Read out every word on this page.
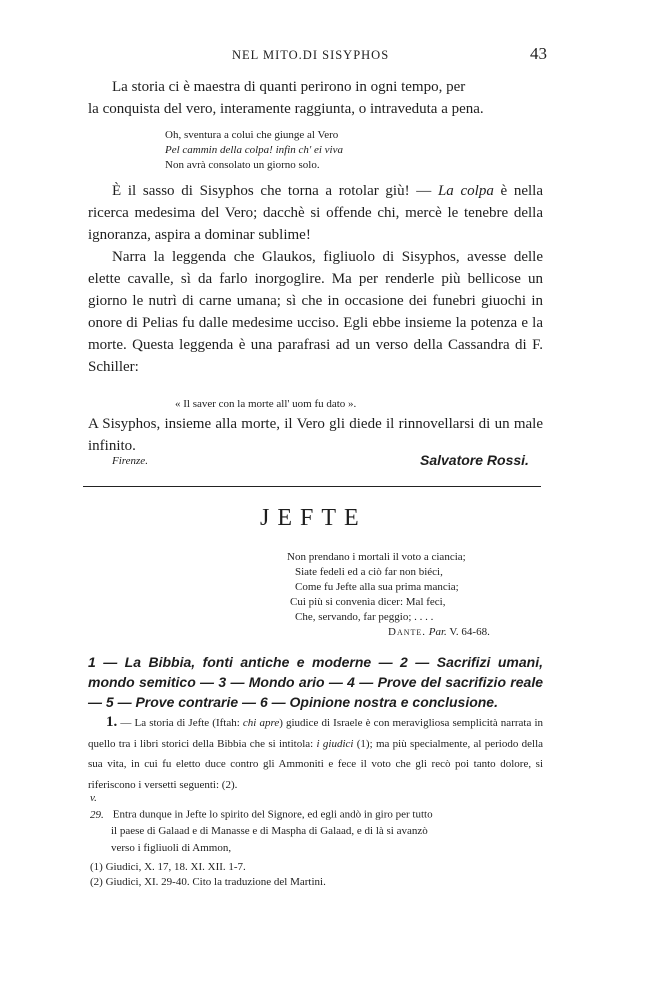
NEL MITO.DI SISYPHOS	43
La storia ci è maestra di quanti perirono in ogni tempo, per
la conquista del vero, interamente raggiunta, o intraveduta a pena.
Oh, sventura a colui che giunge al Vero
Pel cammin della colpa! infin ch' ei viva
Non avrà consolato un giorno solo.
È il sasso di Sisyphos che torna a rotolar giù! — La colpa è nella ricerca medesima del Vero; dacchè si offende chi, mercè le tenebre della ignoranza, aspira a dominar sublime!
Narra la leggenda che Glaukos, figliuolo di Sisyphos, avesse delle elette cavalle, sì da farlo inorgoglire. Ma per renderle più bellicose un giorno le nutrì di carne umana; sì che in occasione dei funebri giuochi in onore di Pelias fu dalle medesime ucciso. Egli ebbe insieme la potenza e la morte. Questa leggenda è una parafrasi ad un verso della Cassandra di F. Schiller:
« Il saver con la morte all' uom fu dato ».
A Sisyphos, insieme alla morte, il Vero gli diede il rinnovellarsi di un male infinito.
Firenze.	Salvatore Rossi.
JEFTE
Non prendano i mortali il voto a ciancia;
Siate fedeli ed a ciò far non biéci,
Come fu Jefte alla sua prima mancia;
Cui più si convenìa dicer: Mal feci,
Che, servando, far peggio; . . . .
Dante. Par. V. 64-68.
1 — La Bibbia, fonti antiche e moderne — 2 — Sacrifizi umani, mondo semitico — 3 — Mondo ario — 4 — Prove del sacrifizio reale — 5 — Prove contrarie — 6 — Opinione nostra e conclusione.
1. — La storia di Jefte (Iftah: chi apre) giudice di Israele è con meravigliosa semplicità narrata in quello tra i libri storici della Bibbia che si intitola: i giudici (1); ma più specialmente, al periodo della sua vita, in cui fu eletto duce contro gli Ammoniti e fece il voto che gli recò poi tanto dolore, si riferiscono i versetti seguenti: (2).
v. 29. Entra dunque in Jefte lo spirito del Signore, ed egli andò in giro per tutto
il paese di Galaad e di Manasse e di Maspha di Galaad, e di là si avanzò
verso i figliuoli di Ammon,
(1) Giudici, X. 17, 18. XI. XII. 1-7.
(2) Giudici, XI. 29-40. Cito la traduzione del Martini.
